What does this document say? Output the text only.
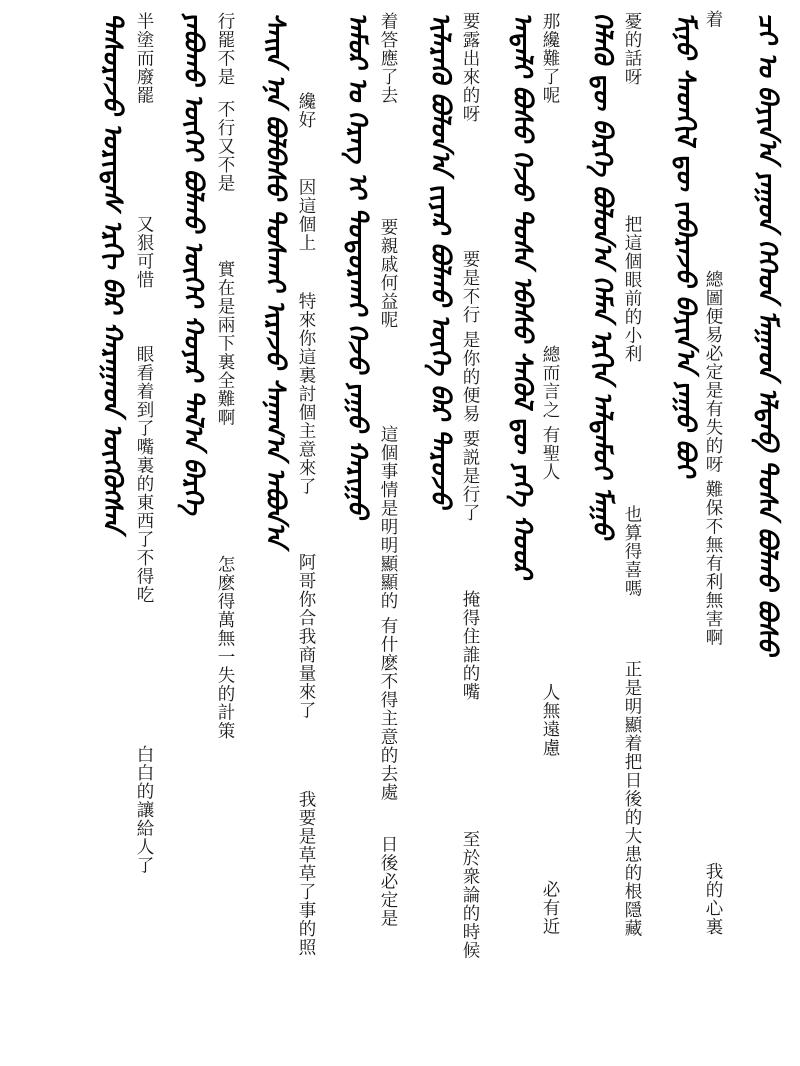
ᠴᠢ ᠣ ᠪᠠᠶᠢᠨ᠎ᠠ ᠶᠠᠭᠤᠨ ᠬᠡᠭᠡᠳ ᠮᠠᠭᠠᠳ ᠡᠯᠳᠡᠪ ᠲᠤᠰᠠ ᠪᠤᠯᠬᠤ ᠪᠤᠰᠤ
ᠮᠢᠨᠤ ᠰᠡᠳᠬᠢᠯ ᠳᠦ ᠵᠡᠪᠡᠷᠡᠵᠦ ᠪᠠᠶᠢᠨ᠎ᠠ ᠶᠠᠭᠤ ᠪᠤᠢ
ᠬᠡᠯᠡᠬᠦ ᠳᠦ ᠪᠡᠷᠬᠡ ᠪᠣᠯᠤᠨ᠎ᠠ ᠬᠡᠮᠡᠨ ᠡᠷᠭᠢᠨ ᠠᠯᠳᠠᠮᠤᠢ ᠮᠠᠭᠤ
ᠠᠳᠠᠯᠢ ᠪᠤᠰᠤ ᠭᠡᠵᠦ ᠲᠤᠰᠠ ᠡᠪᠡᠰᠦ ᠰᠡᠭᠦᠯ ᠳᠦ ᠶᠡᠬᠡ ᠬᠣᠣᠷ
ᠢᠯᠡᠷᠡᠬᠦ ᠪᠣᠯᠤᠨ᠎ᠠ ᠵᠢᠶᠠᠷ ᠪᠣᠯᠬᠤ ᠦᠭᠡ ᠪᠠᠷ ᠳᠠᠷᠤᠵᠤ
ᠠᠮᠤᠷ ᠣ ᠬᠡᠷᠡᠭ ᠢ ᠲᠣᠳᠣᠷᠬᠠᠢ ᠭᠡᠵᠦ ᠶᠠᠭᠤ ᠬᠠᠷᠢᠭᠤ
ᠰᠠᠢᠨ ᠡᠨᠡ ᠪᠣᠯᠪᠠᠰᠤ ᠲᠤᠰᠬᠠᠢ ᠢᠷᠡᠵᠦ ᠰᠠᠨᠠᠭ᠎ᠠ ᠠᠪᠤᠨ᠎ᠠ
ᠶᠠᠪᠤᠬᠤ ᠦᠭᠡᠢ ᠪᠣᠯᠬᠤ ᠦᠭᠡᠢ ᠬᠣᠶᠠᠷ ᠲᠠᠯ᠎ᠠ ᠪᠡᠷᠬᠡ
ᠲᠠᠰᠤᠷᠠᠵᠤ ᠤᠷᠢᠳᠠᠰ ᠡᠷᠬᠢ ᠪᠡᠷ ᠬᠠᠷᠠᠭᠠᠳ ᠦᠭᠭᠦᠭᠰᠡᠨ
我的心裏
總圖便易必定是有失的呀 難保不無有利無害啊
着
憂的話呀
把這個眼前的小利
也算得喜嗎
正是明顯着把日後的大患的根隱藏
那纔難了呢
總而言之 有聖人
人無遠慮
必有近
要露出來的呀
要是不行 是你的便易 要説是行了
掩得住誰的嘴
至於衆論的時候
着答應了去
要親戚何益呢
這個事情是明明顯顯的 有什麽不得主意的去處
日後必定是
纔好
因這個上
特來你這裏討個主意來了
阿哥你合我商量來了
我要是草草了事的照
行罷不是
不行又不是
實在是兩下裏全難啊
怎麽得萬無一失的計策
半塗而廢罷
又狠可惜
眼看着到了嘴裏的東西了不得吃
白白的讓給人了
